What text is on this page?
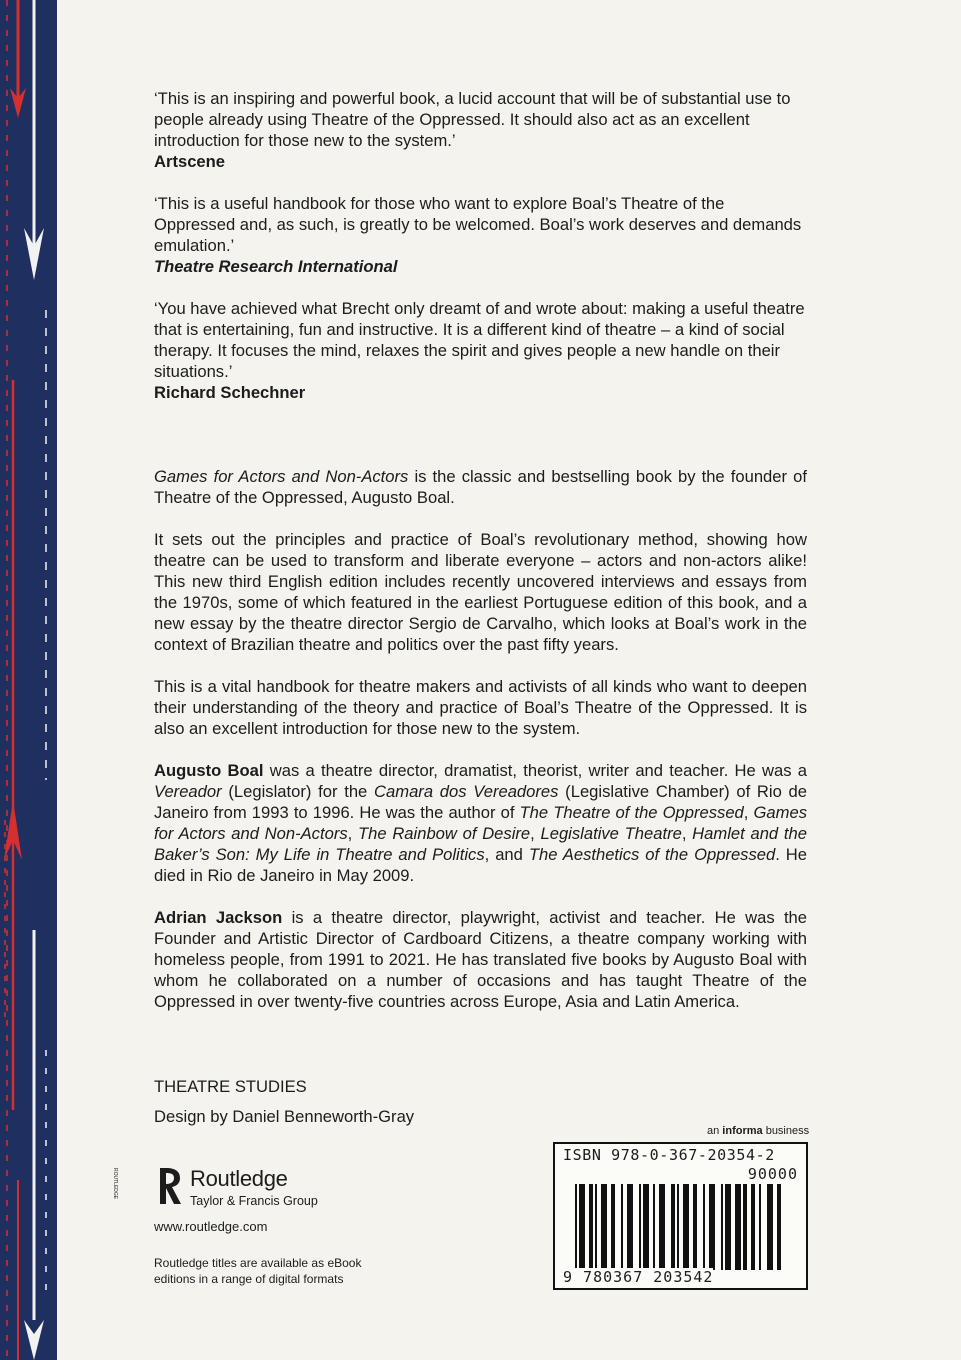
‘This is an inspiring and powerful book, a lucid account that will be of substantial use to people already using Theatre of the Oppressed. It should also act as an excellent introduction for those new to the system.’

Artscene

‘This is a useful handbook for those who want to explore Boal’s Theatre of the Oppressed and, as such, is greatly to be welcomed. Boal’s work deserves and demands emulation.’

Theatre Research International

‘You have achieved what Brecht only dreamt of and wrote about: making a useful theatre that is entertaining, fun and instructive. It is a different kind of theatre – a kind of social therapy. It focuses the mind, relaxes the spirit and gives people a new handle on their situations.’

Richard Schechner

Games for Actors and Non-Actors is the classic and bestselling book by the founder of Theatre of the Oppressed, Augusto Boal.

It sets out the principles and practice of Boal’s revolutionary method, showing how theatre can be used to transform and liberate everyone – actors and non-actors alike! This new third English edition includes recently uncovered interviews and essays from the 1970s, some of which featured in the earliest Portuguese edition of this book, and a new essay by the theatre director Sergio de Carvalho, which looks at Boal’s work in the context of Brazilian theatre and politics over the past fifty years.

This is a vital handbook for theatre makers and activists of all kinds who want to deepen their understanding of the theory and practice of Boal’s Theatre of the Oppressed. It is also an excellent introduction for those new to the system.

Augusto Boal was a theatre director, dramatist, theorist, writer and teacher. He was a Vereador (Legislator) for the Camara dos Vereadores (Legislative Chamber) of Rio de Janeiro from 1993 to 1996. He was the author of The Theatre of the Oppressed, Games for Actors and Non-Actors, The Rainbow of Desire, Legislative Theatre, Hamlet and the Baker’s Son: My Life in Theatre and Politics, and The Aesthetics of the Oppressed. He died in Rio de Janeiro in May 2009.

Adrian Jackson is a theatre director, playwright, activist and teacher. He was the Founder and Artistic Director of Cardboard Citizens, a theatre company working with homeless people, from 1991 to 2021. He has translated five books by Augusto Boal with whom he collaborated on a number of occasions and has taught Theatre of the Oppressed in over twenty-five countries across Europe, Asia and Latin America.

THEATRE STUDIES
Design by Daniel Benneworth-Gray
ROUTLEDGE	Routledge
Taylor & Francis Group
www.routledge.com
Routledge titles are available as eBook
editions in a range of digital formats
an informa business
ISBN 978-0-367-20354-2
90000
9 780367 203542
